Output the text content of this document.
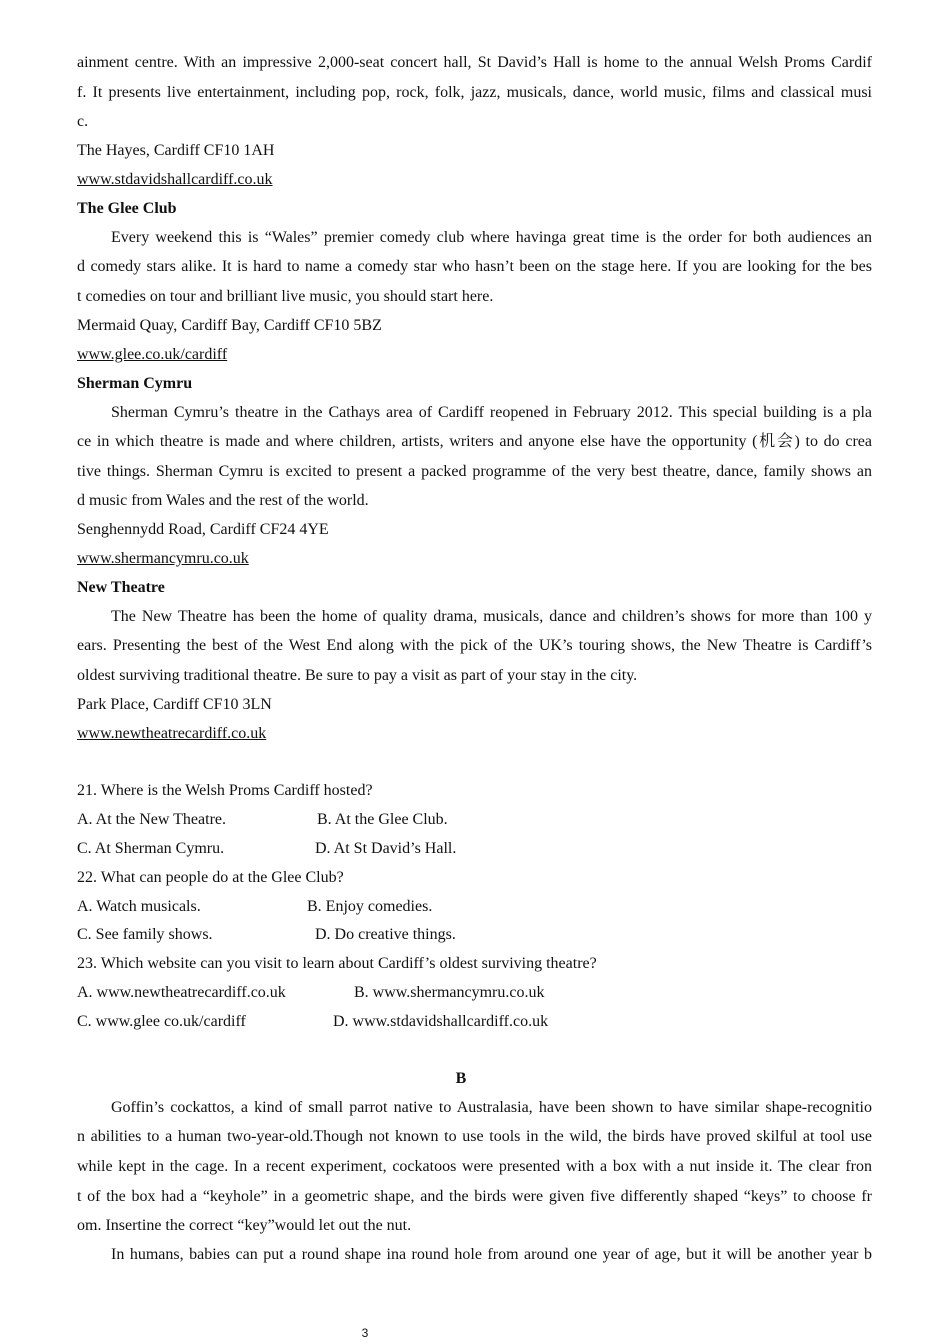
ainment centre. With an impressive 2,000-seat concert hall, St David’s Hall is home to the annual Welsh Proms Cardif
f. It presents live entertainment, including pop, rock, folk, jazz, musicals, dance, world music, films and classical musi
c.
The Hayes, Cardiff CF10 1AH
www.stdavidshallcardiff.co.uk
The Glee Club
Every weekend this is “Wales” premier comedy club where havinga great time is the order for both audiences an
d comedy stars alike. It is hard to name a comedy star who hasn’t been on the stage here. If you are looking for the bes
t comedies on tour and brilliant live music, you should start here.
Mermaid Quay, Cardiff Bay, Cardiff CF10 5BZ
www.glee.co.uk/cardiff
Sherman Cymru
Sherman Cymru’s theatre in the Cathays area of Cardiff reopened in February 2012. This special building is a pla
ce in which theatre is made and where children, artists, writers and anyone else have the opportunity (机会) to do crea
tive things. Sherman Cymru is excited to present a packed programme of the very best theatre, dance, family shows an
d music from Wales and the rest of the world.
Senghennydd Road, Cardiff CF24 4YE
www.shermancymru.co.uk
New Theatre
The New Theatre has been the home of quality drama, musicals, dance and children’s shows for more than 100 y
ears. Presenting the best of the West End along with the pick of the UK’s touring shows, the New Theatre is Cardiff’s
oldest surviving traditional theatre. Be sure to pay a visit as part of your stay in the city.
Park Place, Cardiff CF10 3LN
www.newtheatrecardiff.co.uk
21. Where is the Welsh Proms Cardiff hosted?
A. At the New Theatre.	B. At the Glee Club.
C. At Sherman Cymru.	D. At St David’s Hall.
22. What can people do at the Glee Club?
A. Watch musicals.	B. Enjoy comedies.
C. See family shows.	D. Do creative things.
23. Which website can you visit to learn about Cardiff’s oldest surviving theatre?
A. www.newtheatrecardiff.co.uk	B. www.shermancymru.co.uk
C. www.glee co.uk/cardiff	D. www.stdavidshallcardiff.co.uk
B
Goffin’s cockattos, a kind of small parrot native to Australasia, have been shown to have similar shape-recognitio
n abilities to a human two-year-old.Though not known to use tools in the wild, the birds have proved skilful at tool use
while kept in the cage. In a recent experiment, cockatoos were presented with a box with a nut inside it. The clear fron
t of the box had a “keyhole” in a geometric shape, and the birds were given five differently shaped “keys” to choose fr
om. Insertine the correct “key”would let out the nut.
In humans, babies can put a round shape ina round hole from around one year of age, but it will be another year b
3
